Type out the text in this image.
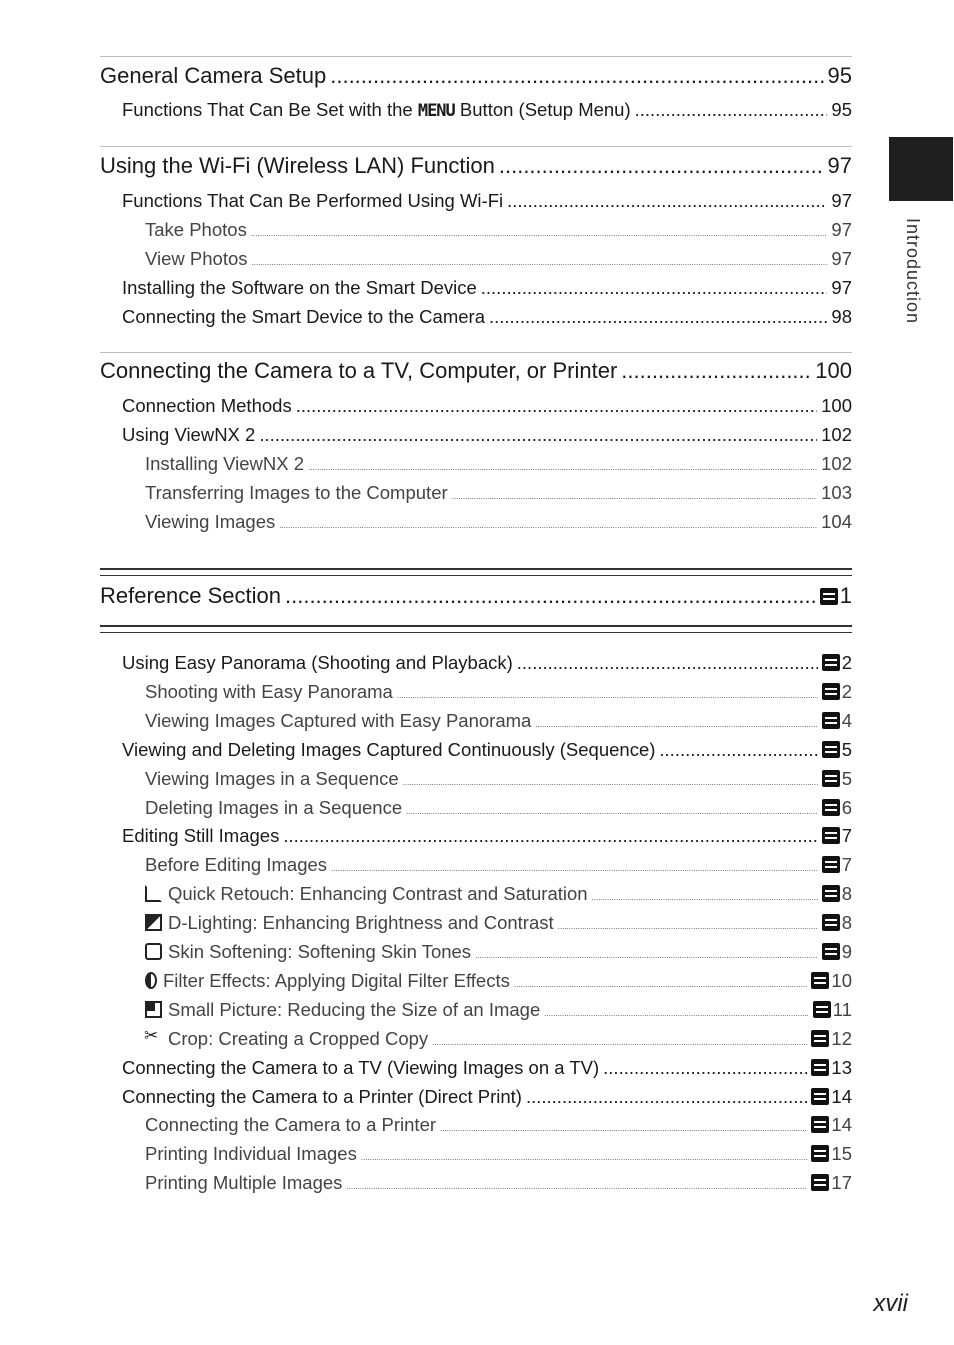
General Camera Setup .....	95
Functions That Can Be Set with the MENU Button (Setup Menu) .....	95
Using the Wi-Fi (Wireless LAN) Function .....	97
Functions That Can Be Performed Using Wi-Fi .....	97
Take Photos .....	97
View Photos .....	97
Installing the Software on the Smart Device .....	97
Connecting the Smart Device to the Camera .....	98
Connecting the Camera to a TV, Computer, or Printer .....	100
Connection Methods .....	100
Using ViewNX 2 .....	102
Installing ViewNX 2 .....	102
Transferring Images to the Computer .....	103
Viewing Images .....	104
Reference Section .....	1
Using Easy Panorama (Shooting and Playback) .....	2
Shooting with Easy Panorama .....	2
Viewing Images Captured with Easy Panorama .....	4
Viewing and Deleting Images Captured Continuously (Sequence) .....	5
Viewing Images in a Sequence .....	5
Deleting Images in a Sequence .....	6
Editing Still Images .....	7
Before Editing Images .....	7
Quick Retouch: Enhancing Contrast and Saturation .....	8
D-Lighting: Enhancing Brightness and Contrast .....	8
Skin Softening: Softening Skin Tones .....	9
Filter Effects: Applying Digital Filter Effects .....	10
Small Picture: Reducing the Size of an Image .....	11
✂Crop: Creating a Cropped Copy .....	12
Connecting the Camera to a TV (Viewing Images on a TV) .....	13
Connecting the Camera to a Printer (Direct Print) .....	14
Connecting the Camera to a Printer .....	14
Printing Individual Images .....	15
Printing Multiple Images .....	17
Introduction
xvii
